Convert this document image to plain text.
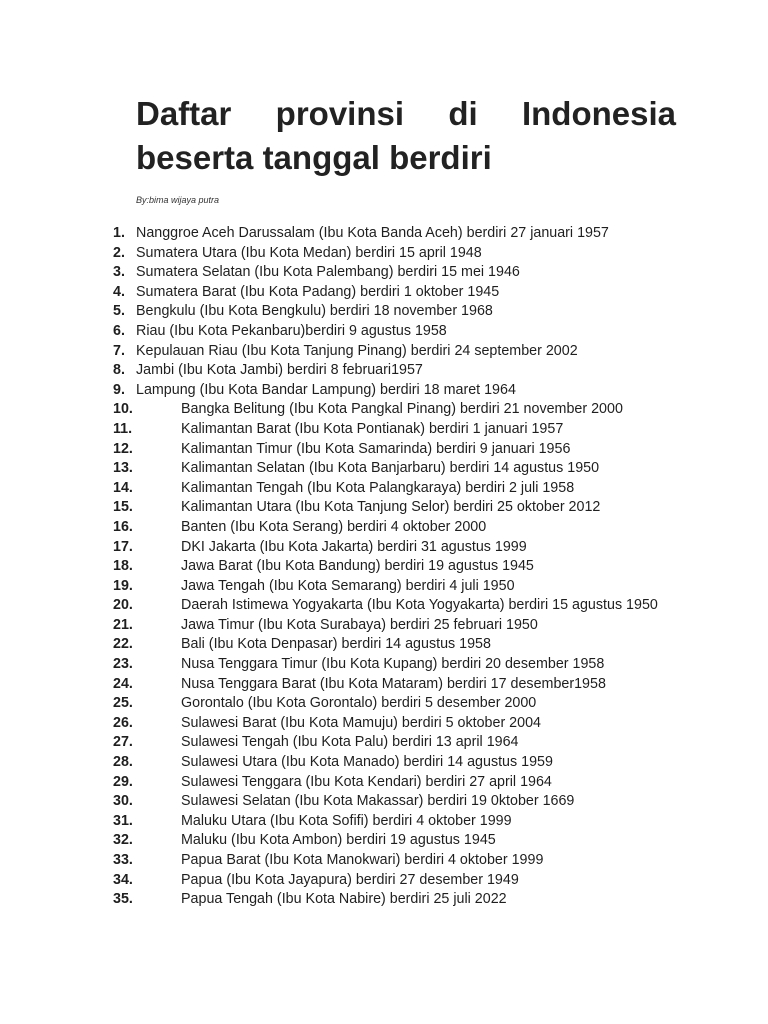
Daftar provinsi di Indonesia
beserta tanggal berdiri
By:bima wijaya putra
1. Nanggroe Aceh Darussalam (Ibu Kota Banda Aceh) berdiri 27 januari 1957
2. Sumatera Utara (Ibu Kota Medan) berdiri 15 april 1948
3. Sumatera Selatan (Ibu Kota Palembang) berdiri 15 mei 1946
4. Sumatera Barat (Ibu Kota Padang) berdiri 1 oktober 1945
5. Bengkulu (Ibu Kota Bengkulu) berdiri 18 november 1968
6. Riau (Ibu Kota Pekanbaru)berdiri 9 agustus 1958
7. Kepulauan Riau (Ibu Kota Tanjung Pinang) berdiri 24 september 2002
8. Jambi (Ibu Kota Jambi) berdiri 8 februari1957
9. Lampung (Ibu Kota Bandar Lampung) berdiri 18 maret 1964
10.	Bangka Belitung (Ibu Kota Pangkal Pinang) berdiri 21 november 2000
11.	Kalimantan Barat (Ibu Kota Pontianak) berdiri 1 januari 1957
12.	Kalimantan Timur (Ibu Kota Samarinda) berdiri 9 januari 1956
13.	Kalimantan Selatan (Ibu Kota Banjarbaru) berdiri 14 agustus 1950
14.	Kalimantan Tengah (Ibu Kota Palangkaraya) berdiri 2 juli 1958
15.	Kalimantan Utara (Ibu Kota Tanjung Selor) berdiri 25 oktober 2012
16.	Banten (Ibu Kota Serang) berdiri 4 oktober 2000
17.	DKI Jakarta (Ibu Kota Jakarta) berdiri 31 agustus 1999
18.	Jawa Barat (Ibu Kota Bandung) berdiri 19 agustus 1945
19.	Jawa Tengah (Ibu Kota Semarang) berdiri 4 juli 1950
20.	Daerah Istimewa Yogyakarta (Ibu Kota Yogyakarta) berdiri 15 agustus 1950
21.	Jawa Timur (Ibu Kota Surabaya) berdiri 25 februari 1950
22.	Bali (Ibu Kota Denpasar) berdiri 14 agustus 1958
23.	Nusa Tenggara Timur (Ibu Kota Kupang) berdiri 20 desember 1958
24.	Nusa Tenggara Barat (Ibu Kota Mataram) berdiri 17 desember1958
25.	Gorontalo (Ibu Kota Gorontalo) berdiri 5 desember 2000
26.	Sulawesi Barat (Ibu Kota Mamuju) berdiri 5 oktober 2004
27.	Sulawesi Tengah (Ibu Kota Palu) berdiri 13 april 1964
28.	Sulawesi Utara (Ibu Kota Manado) berdiri 14 agustus 1959
29.	Sulawesi Tenggara (Ibu Kota Kendari) berdiri 27 april 1964
30.	Sulawesi Selatan (Ibu Kota Makassar) berdiri 19 0ktober 1669
31.	Maluku Utara (Ibu Kota Sofifi) berdiri 4 oktober 1999
32.	Maluku (Ibu Kota Ambon) berdiri 19 agustus 1945
33.	Papua Barat (Ibu Kota Manokwari) berdiri 4 oktober 1999
34.	Papua (Ibu Kota Jayapura) berdiri 27 desember 1949
35.	Papua Tengah (Ibu Kota Nabire) berdiri 25 juli 2022
